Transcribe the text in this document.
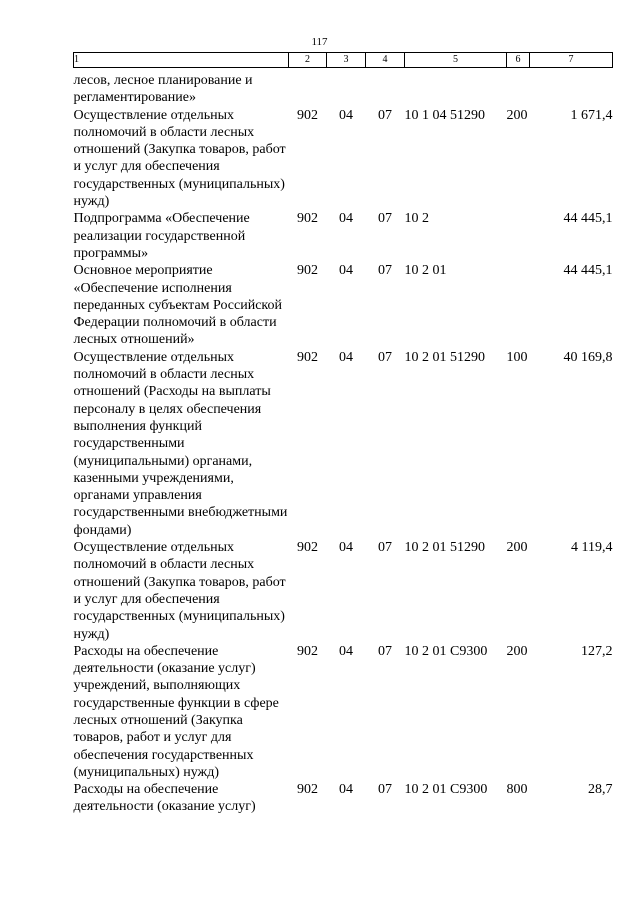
117
1	2	3	4	5	6	7
лесов, лесное планирование и регламентирование»						
Осуществление отдельных полномочий в области лесных отношений (Закупка товаров, работ и услуг для обеспечения государственных (муниципальных) нужд)	902	04	07	10 1 04 51290	200	1 671,4
Подпрограмма «Обеспечение реализации государственной программы»	902	04	07	10 2		44 445,1
Основное мероприятие «Обеспечение исполнения переданных субъектам Российской Федерации полномочий в области лесных отношений»	902	04	07	10 2 01		44 445,1
Осуществление отдельных полномочий в области лесных отношений (Расходы на выплаты персоналу в целях обеспечения выполнения функций государственными (муниципальными) органами, казенными учреждениями, органами управления государственными внебюджетными фондами)	902	04	07	10 2 01 51290	100	40 169,8
Осуществление отдельных полномочий в области лесных отношений (Закупка товаров, работ и услуг для обеспечения государственных (муниципальных) нужд)	902	04	07	10 2 01 51290	200	4 119,4
Расходы на обеспечение деятельности (оказание услуг) учреждений, выполняющих государственные функции в сфере лесных отношений (Закупка товаров, работ и услуг для обеспечения государственных (муниципальных) нужд)	902	04	07	10 2 01 C9300	200	127,2
Расходы на обеспечение деятельности (оказание услуг)	902	04	07	10 2 01 C9300	800	28,7
